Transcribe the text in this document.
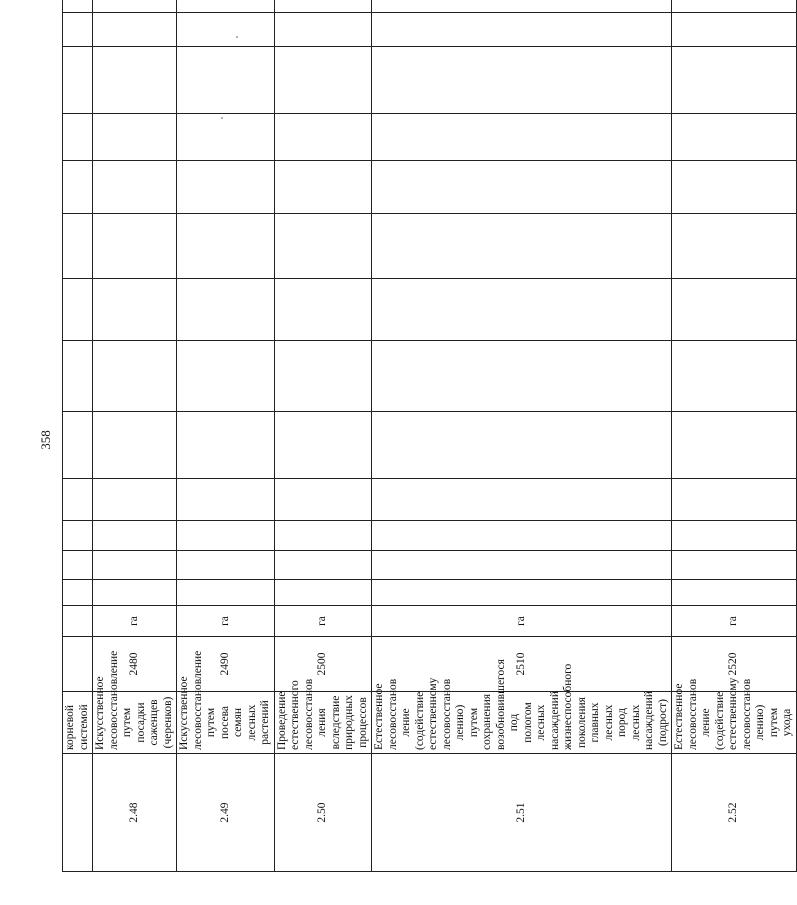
358
	корневой системой															
2.48	Искусственное лесовосстановление путем посадки саженцев (черенков)	2480	га													
2.49	Искусственное лесовосстановление путем посева семян лесных растений	2490	га													
2.50	Проведение естественного лесовосстанов ления вследствие природных процессов	2500	га													
2.51	Естественное лесовосстанов ление (содействие естественному лесовосстанов лению) путем сохранения возобновившегося под пологом лесных насаждений жизнеспособного поколения главных лесных пород лесных насаждений (подрост)	2510	га													
2.52	Естественное лесовосстанов ление (содействие естественному лесовосстанов лению) путем ухода	2520	га													
